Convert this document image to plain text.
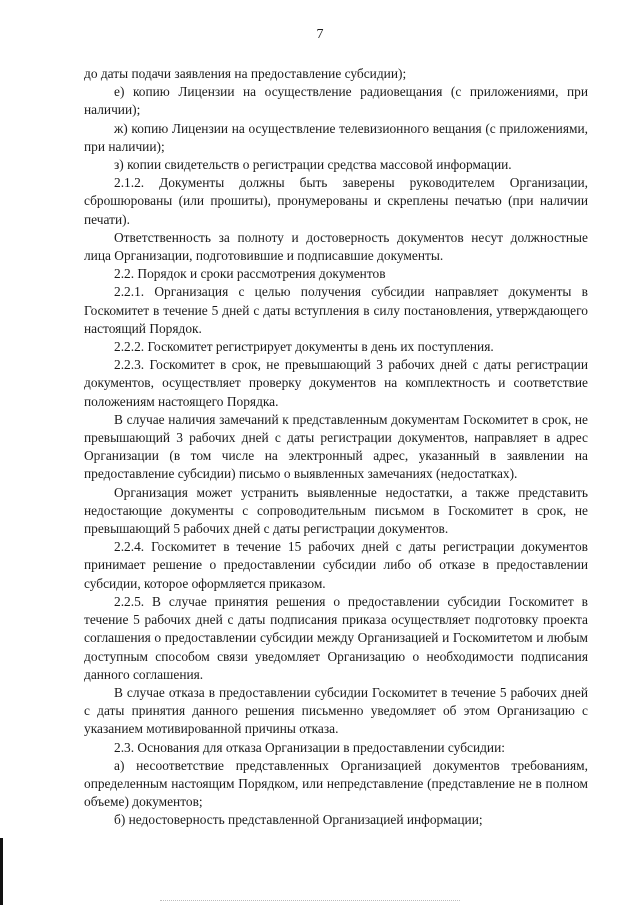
7

до даты подачи заявления на предоставление субсидии);

е) копию Лицензии на осуществление радиовещания (с приложениями, при наличии);

ж) копию Лицензии на осуществление телевизионного вещания (с приложениями, при наличии);

з) копии свидетельств о регистрации средства массовой информации.

2.1.2. Документы должны быть заверены руководителем Организации, сброшюрованы (или прошиты), пронумерованы и скреплены печатью (при наличии печати).

Ответственность за полноту и достоверность документов несут должностные лица Организации, подготовившие и подписавшие документы.

2.2. Порядок и сроки рассмотрения документов

2.2.1. Организация с целью получения субсидии направляет документы в Госкомитет в течение 5 дней с даты вступления в силу постановления, утверждающего настоящий Порядок.

2.2.2. Госкомитет регистрирует документы в день их поступления.

2.2.3. Госкомитет в срок, не превышающий 3 рабочих дней с даты регистрации документов, осуществляет проверку документов на комплектность и соответствие положениям настоящего Порядка.

В случае наличия замечаний к представленным документам Госкомитет в срок, не превышающий 3 рабочих дней с даты регистрации документов, направляет в адрес Организации (в том числе на электронный адрес, указанный в заявлении на предоставление субсидии) письмо о выявленных замечаниях (недостатках).

Организация может устранить выявленные недостатки, а также представить недостающие документы с сопроводительным письмом в Госкомитет в срок, не превышающий 5 рабочих дней с даты регистрации документов.

2.2.4. Госкомитет в течение 15 рабочих дней с даты регистрации документов принимает решение о предоставлении субсидии либо об отказе в предоставлении субсидии, которое оформляется приказом.

2.2.5. В случае принятия решения о предоставлении субсидии Госкомитет в течение 5 рабочих дней с даты подписания приказа осуществляет подготовку проекта соглашения о предоставлении субсидии между Организацией и Госкомитетом и любым доступным способом связи уведомляет Организацию о необходимости подписания данного соглашения.

В случае отказа в предоставлении субсидии Госкомитет в течение 5 рабочих дней с даты принятия данного решения письменно уведомляет об этом Организацию с указанием мотивированной причины отказа.

2.3. Основания для отказа Организации в предоставлении субсидии:

а) несоответствие представленных Организацией документов требованиям, определенным настоящим Порядком, или непредставление (представление не в полном объеме) документов;

б) недостоверность представленной Организацией информации;
